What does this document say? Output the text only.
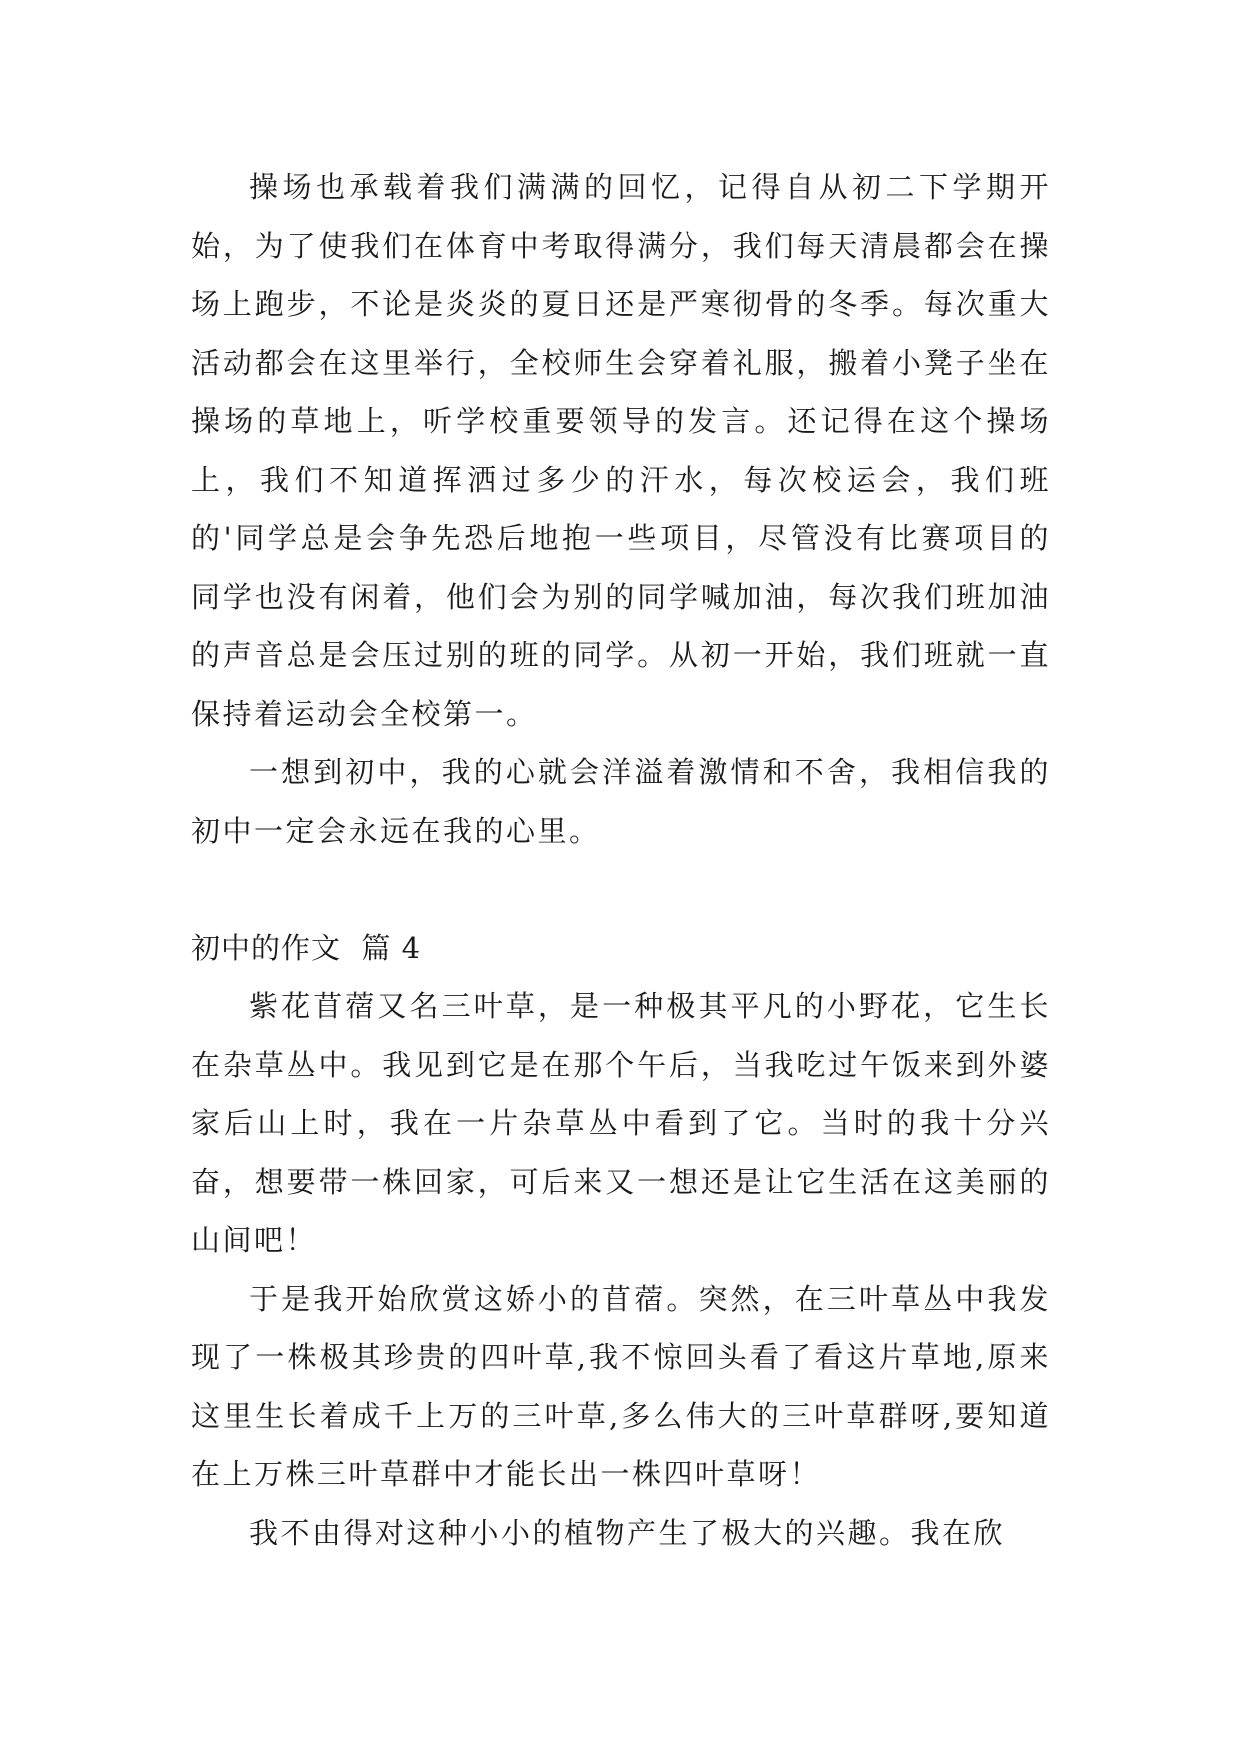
操场也承载着我们满满的回忆，记得自从初二下学期开始，为了使我们在体育中考取得满分，我们每天清晨都会在操场上跑步，不论是炎炎的夏日还是严寒彻骨的冬季。每次重大活动都会在这里举行，全校师生会穿着礼服，搬着小凳子坐在操场的草地上，听学校重要领导的发言。还记得在这个操场上，我们不知道挥洒过多少的汗水，每次校运会，我们班的'同学总是会争先恐后地抱一些项目，尽管没有比赛项目的同学也没有闲着，他们会为别的同学喊加油，每次我们班加油的声音总是会压过别的班的同学。从初一开始，我们班就一直保持着运动会全校第一。

一想到初中，我的心就会洋溢着激情和不舍，我相信我的初中一定会永远在我的心里。

初中的作文  篇 4

紫花苜蓿又名三叶草，是一种极其平凡的小野花，它生长在杂草丛中。我见到它是在那个午后，当我吃过午饭来到外婆家后山上时，我在一片杂草丛中看到了它。当时的我十分兴奋，想要带一株回家，可后来又一想还是让它生活在这美丽的山间吧！

于是我开始欣赏这娇小的苜蓿。突然，在三叶草丛中我发现了一株极其珍贵的四叶草,我不惊回头看了看这片草地,原来这里生长着成千上万的三叶草,多么伟大的三叶草群呀,要知道在上万株三叶草群中才能长出一株四叶草呀！

我不由得对这种小小的植物产生了极大的兴趣。我在欣
